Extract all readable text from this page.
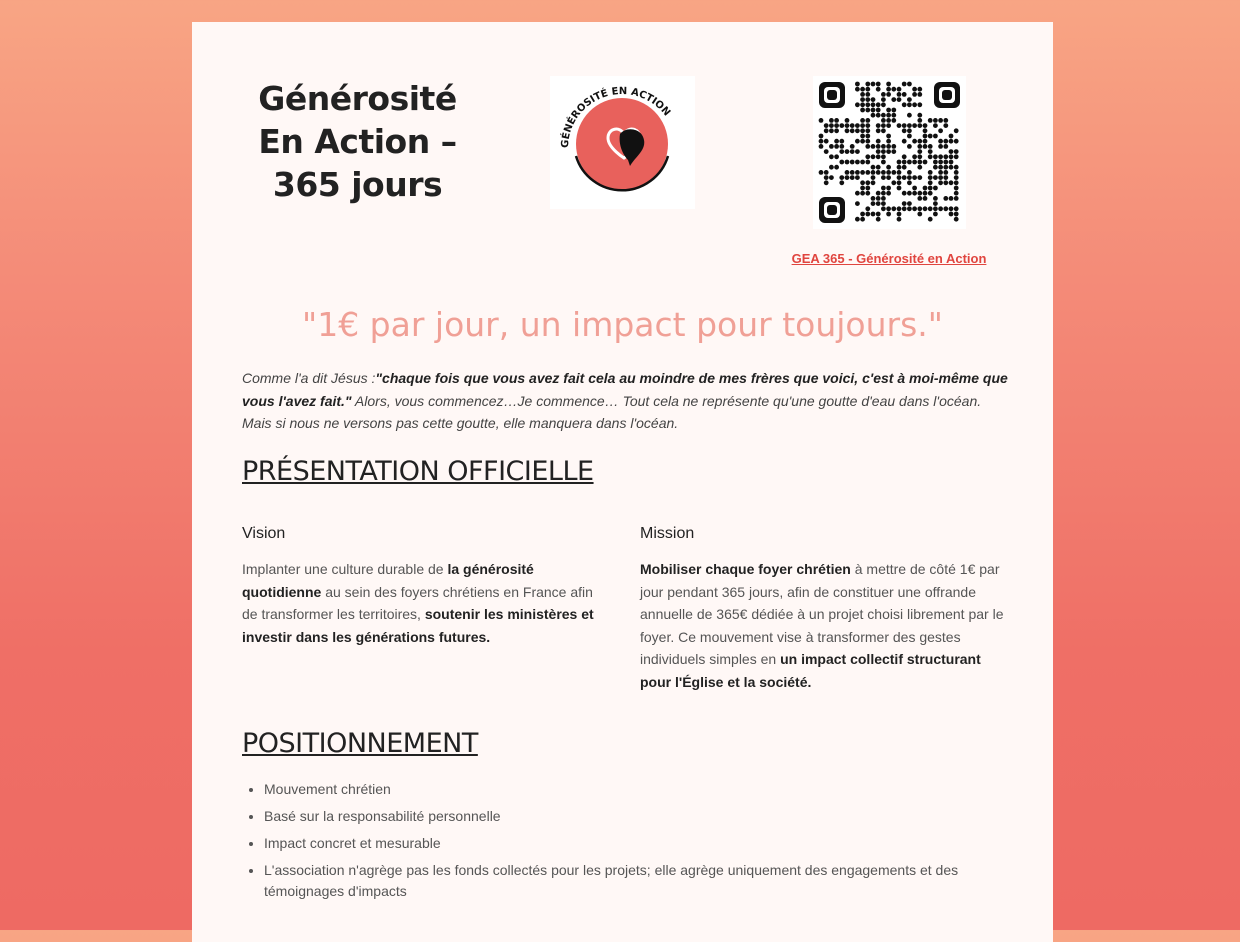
Générosité
En Action –
365 jours
GÉNÉROSITÉ EN ACTION
GEA 365 - Générosité en Action
"1€ par jour, un impact pour toujours."
Comme l'a dit Jésus :"chaque fois que vous avez fait cela au moindre de mes frères que voici, c'est à moi-même que vous l'avez fait." Alors, vous commencez…Je commence… Tout cela ne représente qu'une goutte d'eau dans l'océan. Mais si nous ne versons pas cette goutte, elle manquera dans l'océan.
PRÉSENTATION OFFICIELLE
Vision
Implanter une culture durable de la générosité quotidienne au sein des foyers chrétiens en France afin de transformer les territoires, soutenir les ministères et investir dans les générations futures.
Mission
Mobiliser chaque foyer chrétien à mettre de côté 1€ par jour pendant 365 jours, afin de constituer une offrande annuelle de 365€ dédiée à un projet choisi librement par le foyer. Ce mouvement vise à transformer des gestes individuels simples en un impact collectif structurant pour l'Église et la société.
POSITIONNEMENT
• Mouvement chrétien
• Basé sur la responsabilité personnelle
• Impact concret et mesurable
• L'association n'agrège pas les fonds collectés pour les projets; elle agrège uniquement des engagements et des témoignages d'impacts
